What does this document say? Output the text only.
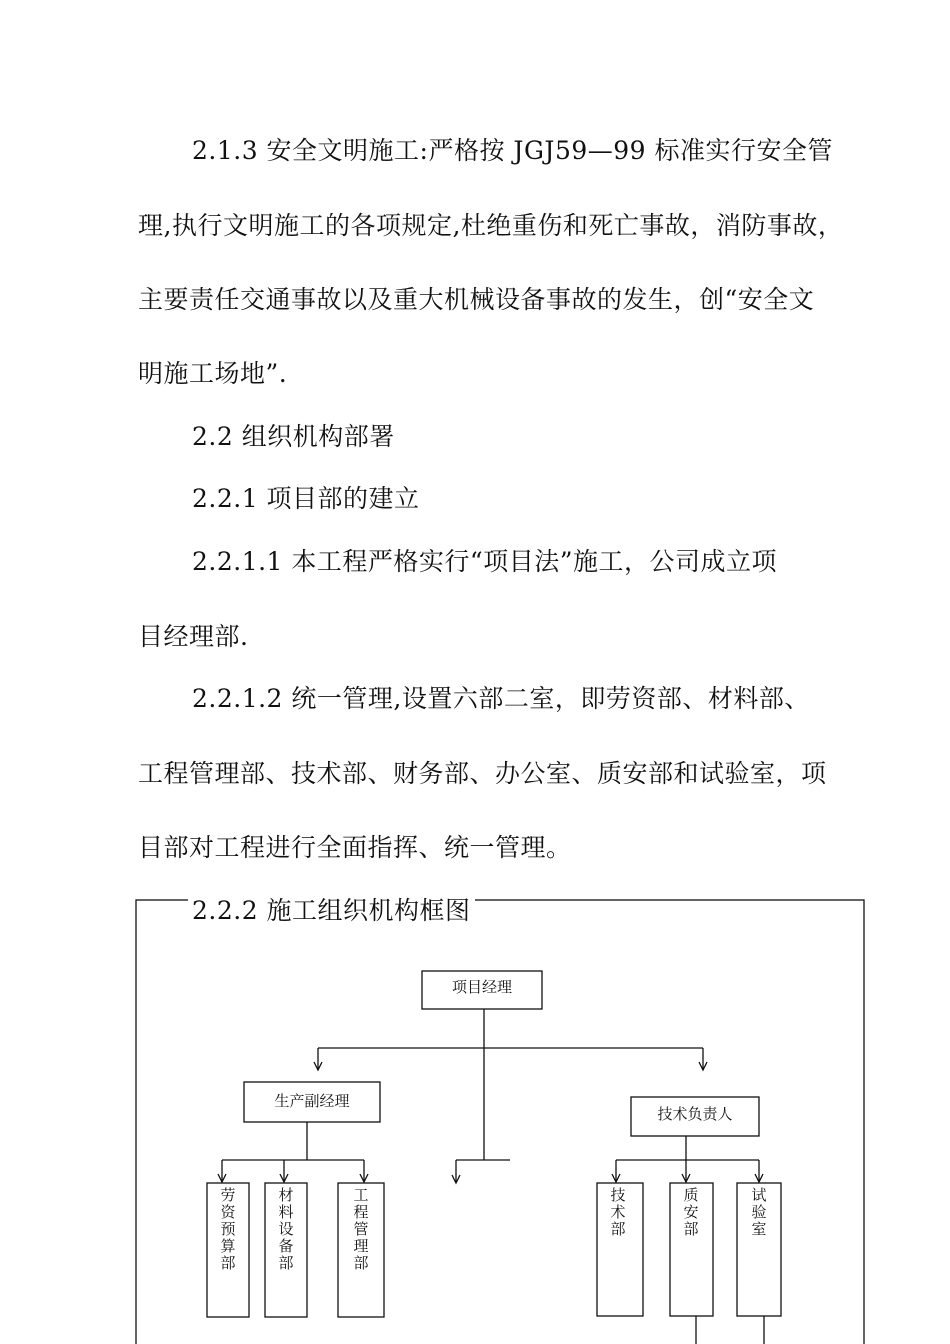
2.1.3 安全文明施工:严格按 JGJ59—99 标准实行安全管

理,执行文明施工的各项规定,杜绝重伤和死亡事故，消防事故，

主要责任交通事故以及重大机械设备事故的发生，创“安全文

明施工场地”.

2.2 组织机构部署

2.2.1 项目部的建立

2.2.1.1 本工程严格实行“项目法”施工，公司成立项

目经理部.

2.2.1.2 统一管理,设置六部二室，即劳资部、材料部、

工程管理部、技术部、财务部、办公室、质安部和试验室，项

目部对工程进行全面指挥、统一管理。

2.2.2 施工组织机构框图

项目经理
生产副经理
技术负责人
劳资预算部
材料设备部
工程管理部
技术部
质安部
试验室
